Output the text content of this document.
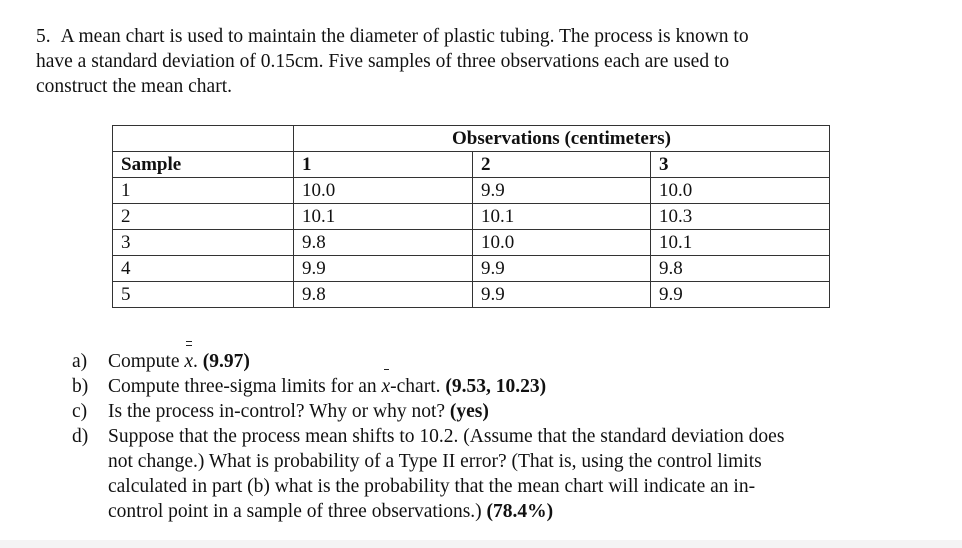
5. A mean chart is used to maintain the diameter of plastic tubing. The process is known to
have a standard deviation of 0.15cm. Five samples of three observations each are used to
construct the mean chart.
	Observations (centimeters)		
Sample	1	2	3
1	10.0	9.9	10.0
2	10.1	10.1	10.3
3	9.8	10.0	10.1
4	9.9	9.9	9.8
5	9.8	9.9	9.9
a)	Compute x. (9.97)
b)	Compute three-sigma limits for an x-chart. (9.53, 10.23)
c)	Is the process in-control? Why or why not? (yes)
d)	Suppose that the process mean shifts to 10.2. (Assume that the standard deviation does
not change.) What is probability of a Type II error? (That is, using the control limits
calculated in part (b) what is the probability that the mean chart will indicate an in-
control point in a sample of three observations.) (78.4%)
